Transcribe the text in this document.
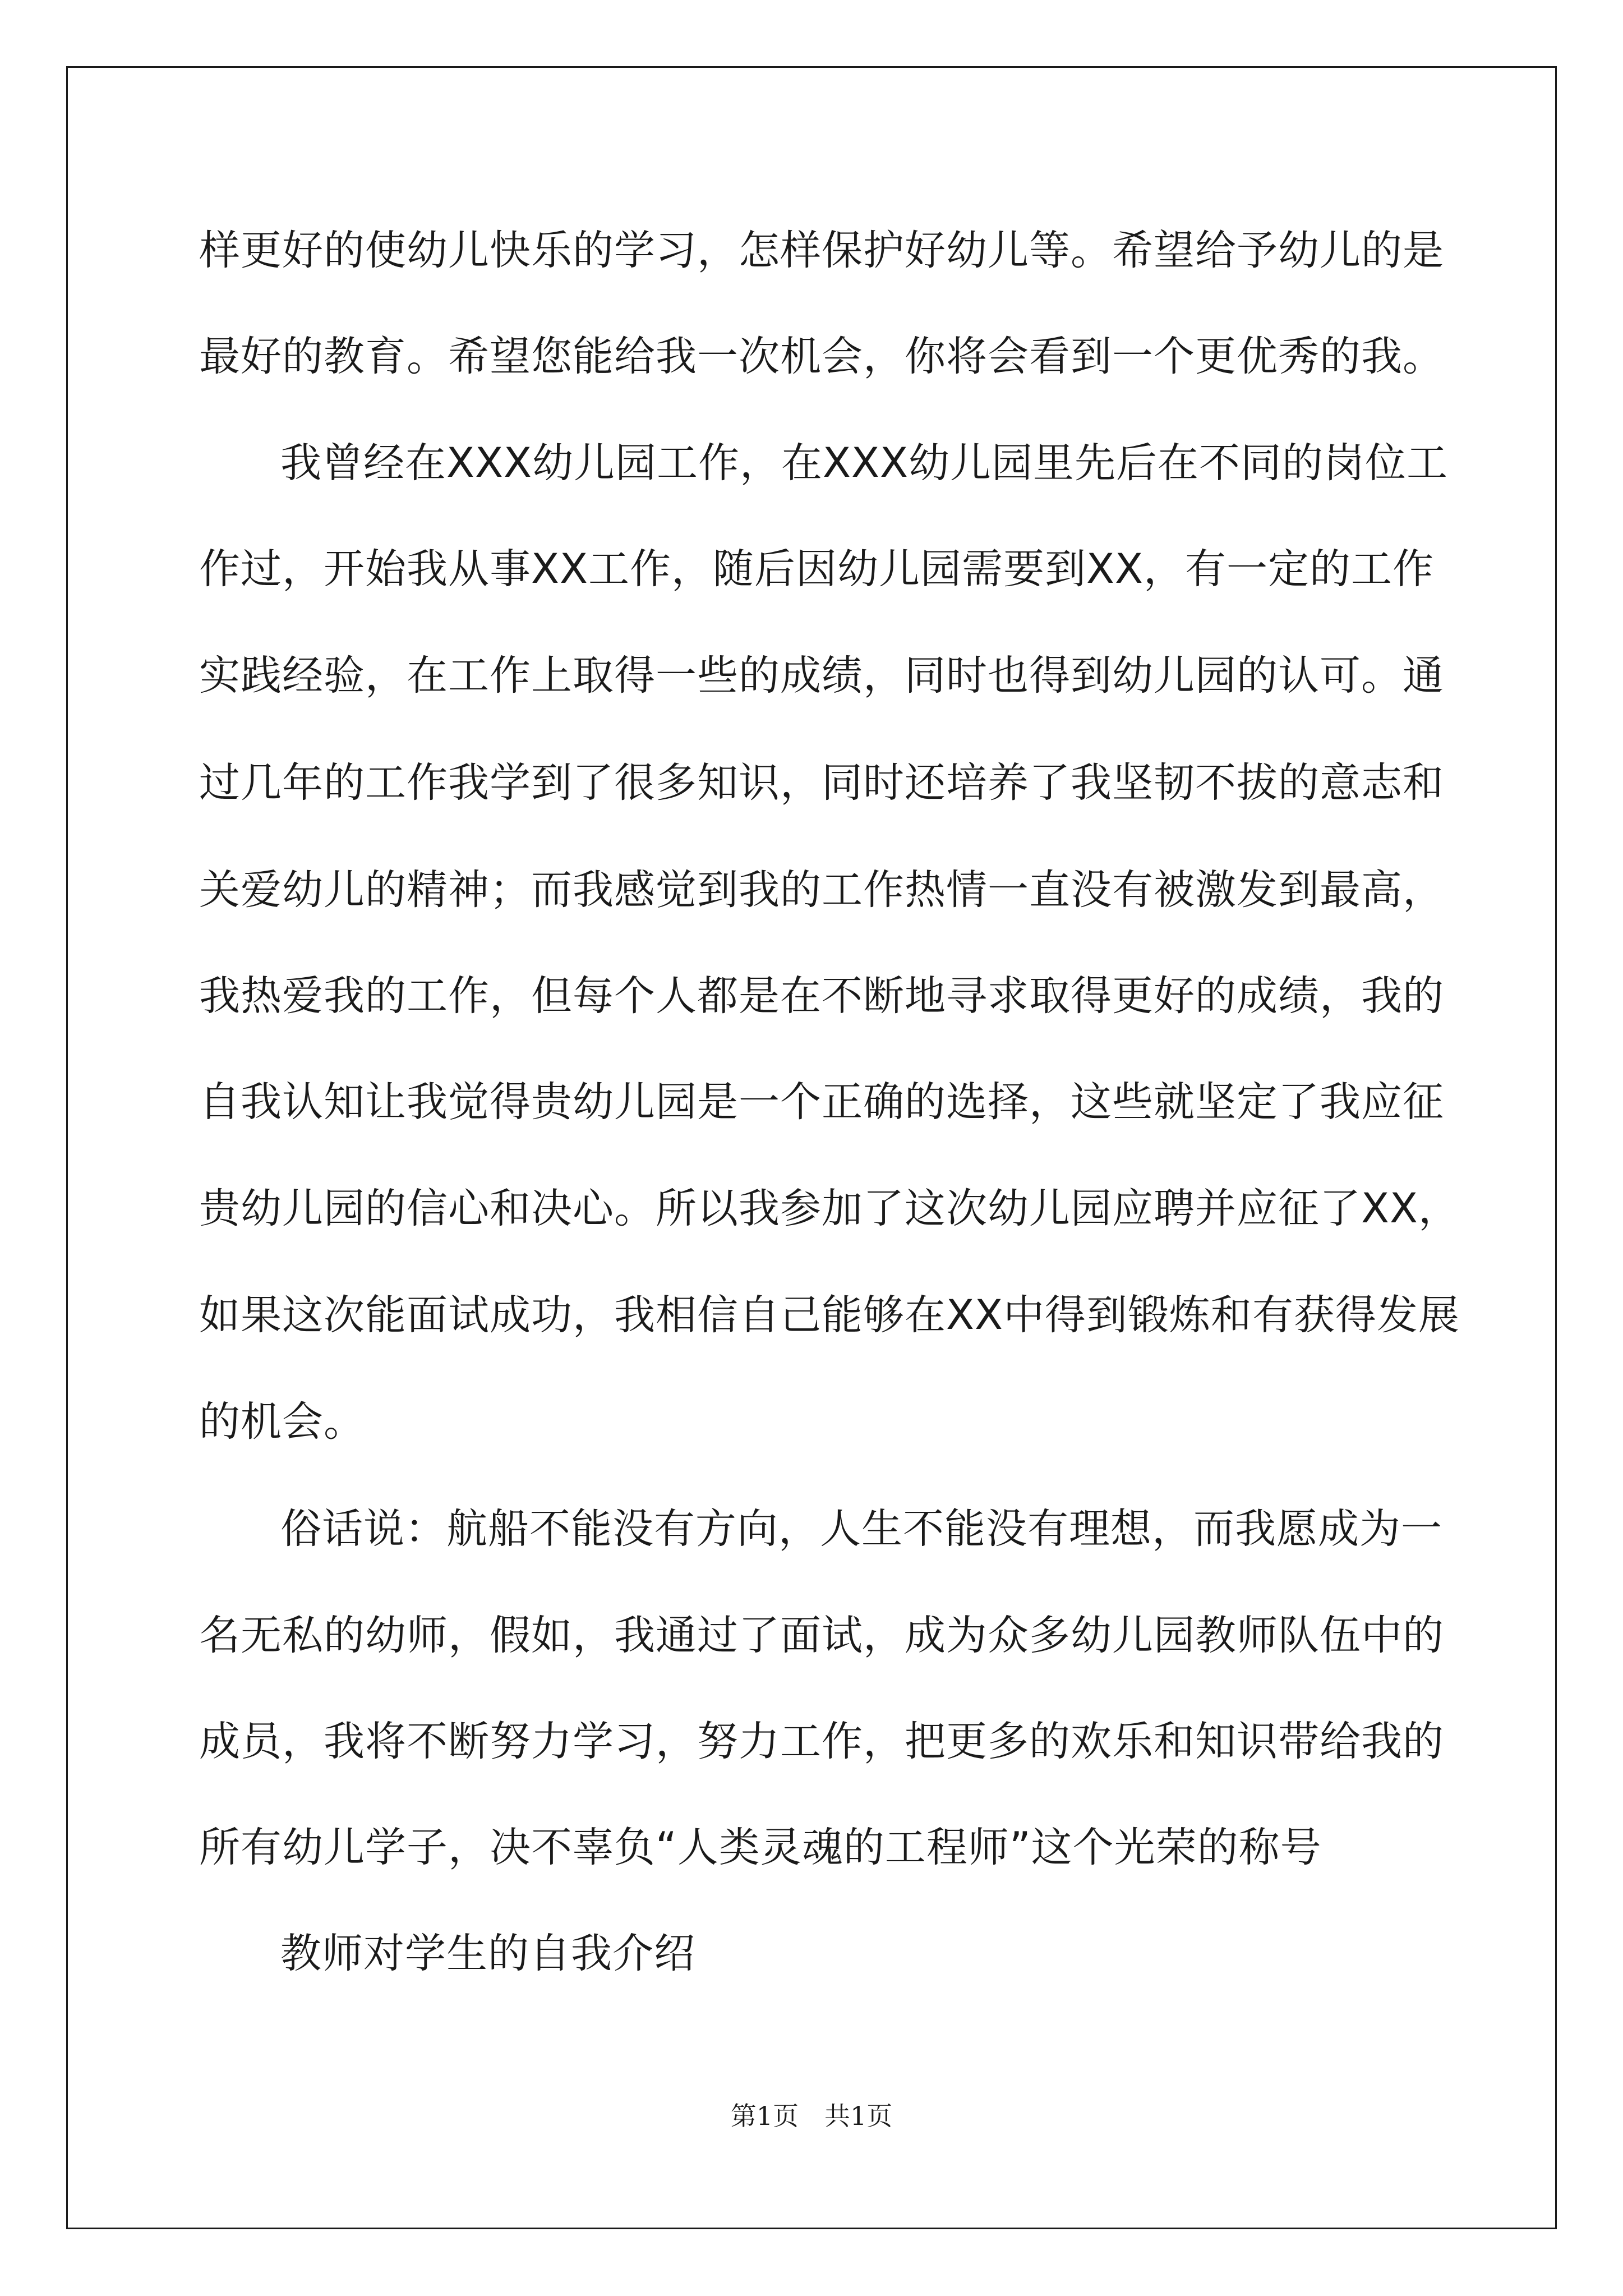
样更好的使幼儿快乐的学习，怎样保护好幼儿等。希望给予幼儿的是
最好的教育。希望您能给我一次机会，你将会看到一个更优秀的我。
我曾经在XXX幼儿园工作，在XXX幼儿园里先后在不同的岗位工
作过，开始我从事XX工作，随后因幼儿园需要到XX，有一定的工作
实践经验，在工作上取得一些的成绩，同时也得到幼儿园的认可。通
过几年的工作我学到了很多知识，同时还培养了我坚韧不拔的意志和
关爱幼儿的精神；而我感觉到我的工作热情一直没有被激发到最高，
我热爱我的工作，但每个人都是在不断地寻求取得更好的成绩，我的
自我认知让我觉得贵幼儿园是一个正确的选择，这些就坚定了我应征
贵幼儿园的信心和决心。所以我参加了这次幼儿园应聘并应征了XX，
如果这次能面试成功，我相信自己能够在XX中得到锻炼和有获得发展
的机会。
俗话说：航船不能没有方向，人生不能没有理想，而我愿成为一
名无私的幼师，假如，我通过了面试，成为众多幼儿园教师队伍中的
成员，我将不断努力学习，努力工作，把更多的欢乐和知识带给我的
所有幼儿学子，决不辜负“人类灵魂的工程师”这个光荣的称号
教师对学生的自我介绍
第1页　共1页
